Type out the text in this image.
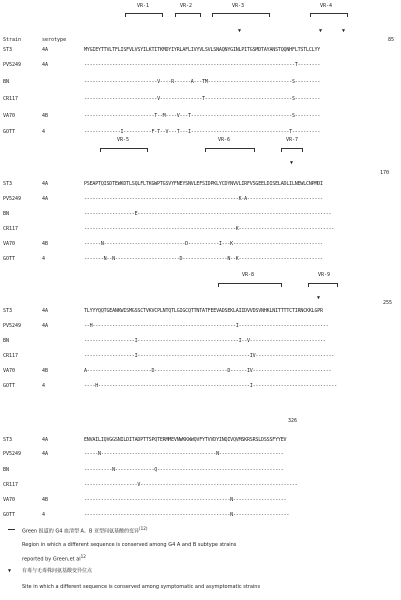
Strain	serotype
VR-1	VR-2	VR-3	VR-4
▼	▼	▼
85
ST3	4A	MYGIEYTTVLTFLISFVLVSYILKTITKMDYIYRLAFLIVYVLSVLSNAQNYGINLPITGSMDTAYANSTQQNHFLTSTLCLYY
PV5249	4A	---------------------------------------------------------------------------T--------
BN	--------------------------V----R------A---TM------------------------------S---------
CR117	--------------------------V---------------T-------------------------------S---------
VA70	4B	-------------------------T--M----V---T------------------------------------S---------
GOTT	4	-------------I----------F-T--V---T---I-----------------------------------T----------
VR-5	VR-6	VR-7
▼
170
ST3	4A	PSEAPTQISDTEWKDTLSQLFLTKGWPTGSVYFNEYSNVLEFSIDPKLYCDYNVVLIRFVSGEELDISELADLILNEWLCNPMDI
PV5249	4A	-------------------------------------------------------K-A---------------------------
BN	------------------E---------------------------------------------------------------------
CR117	------------------------------------------------------K----------------------------------
VA70	4B	------N-----------------------------D-----------I---K--------------------------------
GOTT	4	-------N--N-----------------------D----------------N--K------------------------------
VR-8	VR-9
▼
255
ST3	4A	TLYYYQQTGEANKWISMGSSCTVKVCPLNTQTLGIGCQTTNTATFEEVADSEKLAIIDVVDSVNHKLNITTTTCTIRNCKKLGPR
PV5249	4A	--H---------------------------------------------------I--------------------------------
BN	------------------I------------------------------------I--V---------------------------
CR117	------------------I----------------------------------------IV----------------------------
VA70	4B	A-----------------------D--------------------------D------IV----------------------------
GOTT	4	----H------------------------------------------------------I------------------------------
326
ST3	4A	ENVAILIQVGGSNILDITADPTTSPQTERMMEVNWKKWWQVFYTVVDYINQIVQVMSKRSRSLDSSSFYYEV
PV5249	4A	-----N-----------------------------------------N-----------------------
BN	----------N--------------Q---------------------------------------------
CR117	-------------------V--------------------------------------------------------
VA70	4B	----------------------------------------------------N-------------------
GOTT	4	----------------------------------------------------N--------------------
Green 报道的 G4 血清型 A、B 亚型间氨基酸的变异$^{(12)}$
Region in which a different sequence is conserved among G4 A and B subtype strains
reported by Green,et $al^{12}$
▼ 有毒与无毒株间氨基酸变异位点
Site in which a different sequence is conserved among symptomatic and asymptomatic strains
